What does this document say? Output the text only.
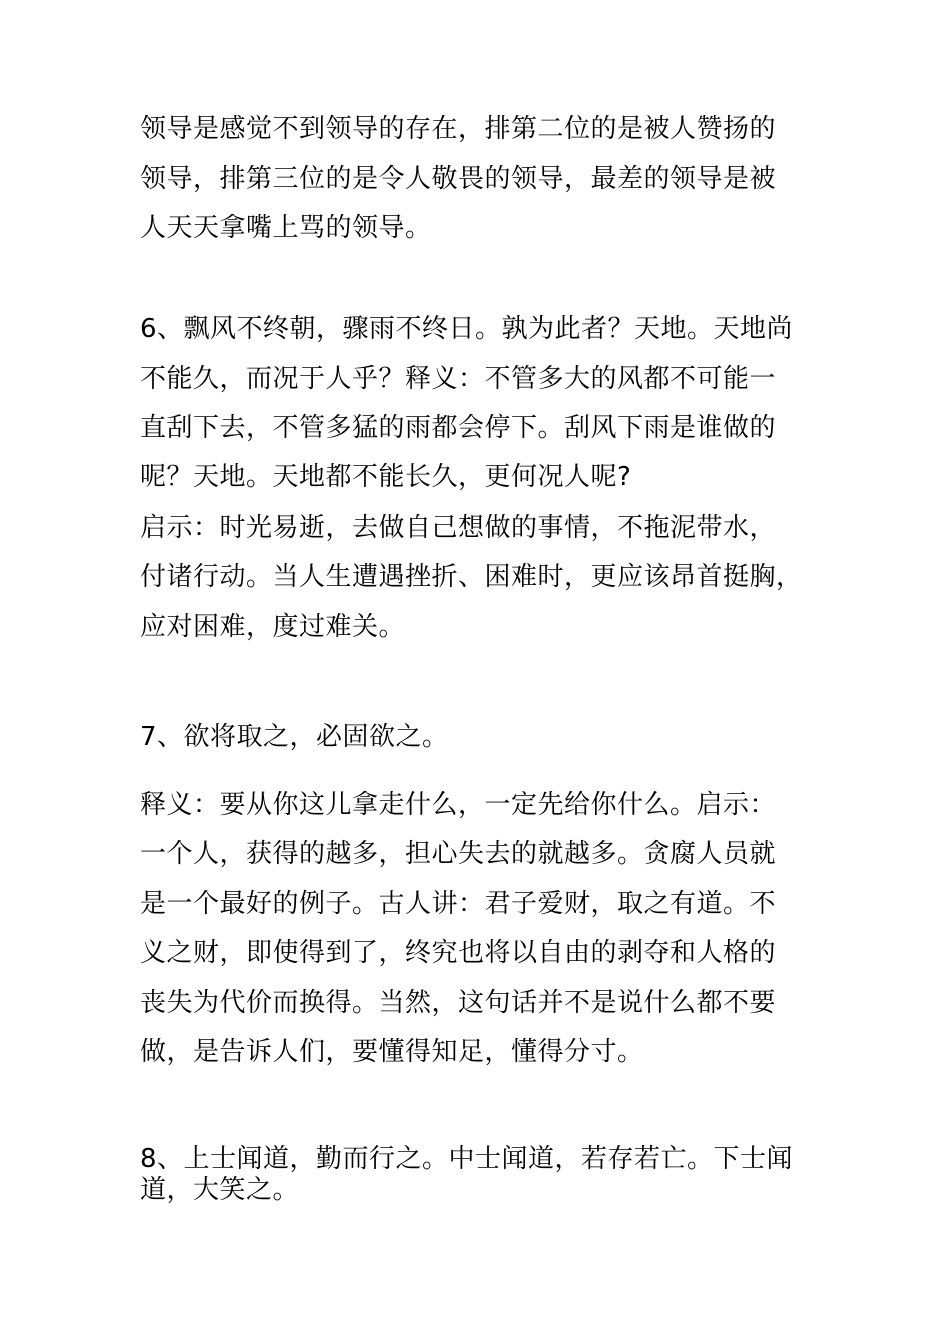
领导是感觉不到领导的存在，排第二位的是被人赞扬的
领导，排第三位的是令人敬畏的领导，最差的领导是被
人天天拿嘴上骂的领导。
6、飘风不终朝，骤雨不终日。孰为此者？天地。天地尚
不能久，而况于人乎？释义：不管多大的风都不可能一
直刮下去，不管多猛的雨都会停下。刮风下雨是谁做的
呢？天地。天地都不能长久，更何况人呢?
启示：时光易逝，去做自己想做的事情，不拖泥带水，
付诸行动。当人生遭遇挫折、困难时，更应该昂首挺胸，
应对困难，度过难关。
7、欲将取之，必固欲之。
释义：要从你这儿拿走什么，一定先给你什么。启示：
一个人，获得的越多，担心失去的就越多。贪腐人员就
是一个最好的例子。古人讲：君子爱财，取之有道。不
义之财，即使得到了，终究也将以自由的剥夺和人格的
丧失为代价而换得。当然，这句话并不是说什么都不要
做，是告诉人们，要懂得知足，懂得分寸。
8、上士闻道，勤而行之。中士闻道，若存若亡。下士闻
道，大笑之。
